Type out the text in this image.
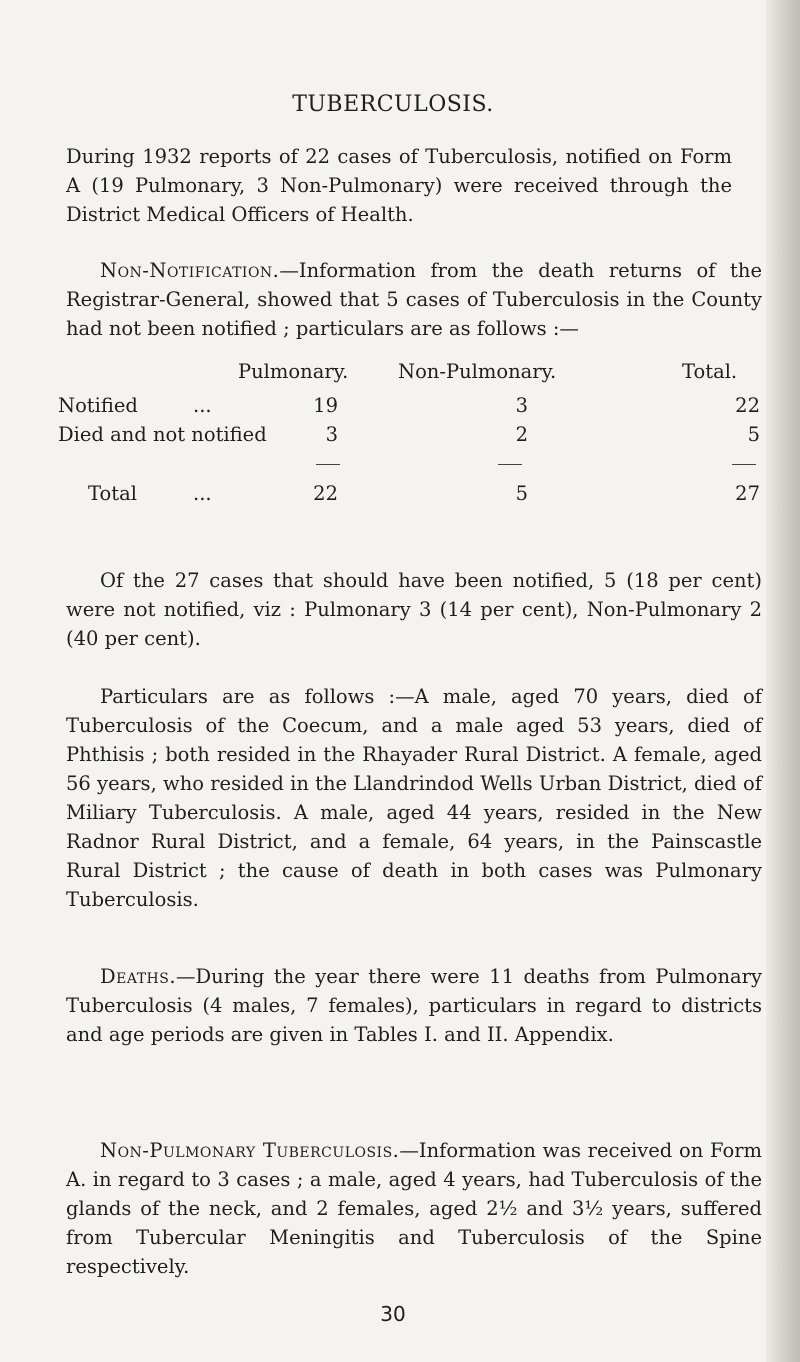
TUBERCULOSIS.

During 1932 reports of 22 cases of Tuberculosis, notified on Form A (19 Pulmonary, 3 Non-Pulmonary) were received through the District Medical Officers of Health.

Non-Notification.—Information from the death returns of the Registrar-General, showed that 5 cases of Tuberculosis in the County had not been notified ; particulars are as follows :—

Pulmonary.	Non-Pulmonary.	Total.
Notified	...	19	3	22
Died and not notified	3	2	5
Total	...	22	5	27

Of the 27 cases that should have been notified, 5 (18 per cent) were not notified, viz : Pulmonary 3 (14 per cent), Non-Pulmonary 2 (40 per cent).

Particulars are as follows :—A male, aged 70 years, died of Tuberculosis of the Coecum, and a male aged 53 years, died of Phthisis ; both resided in the Rhayader Rural District. A female, aged 56 years, who resided in the Llandrindod Wells Urban District, died of Miliary Tuberculosis. A male, aged 44 years, resided in the New Radnor Rural District, and a female, 64 years, in the Painscastle Rural District ; the cause of death in both cases was Pulmonary Tuberculosis.

Deaths.—During the year there were 11 deaths from Pulmonary Tuberculosis (4 males, 7 females), particulars in regard to districts and age periods are given in Tables I. and II. Appendix.

Non-Pulmonary Tuberculosis.—Information was received on Form A. in regard to 3 cases ; a male, aged 4 years, had Tuberculosis of the glands of the neck, and 2 females, aged 2½ and 3½ years, suffered from Tubercular Meningitis and Tuberculosis of the Spine respectively.

30
